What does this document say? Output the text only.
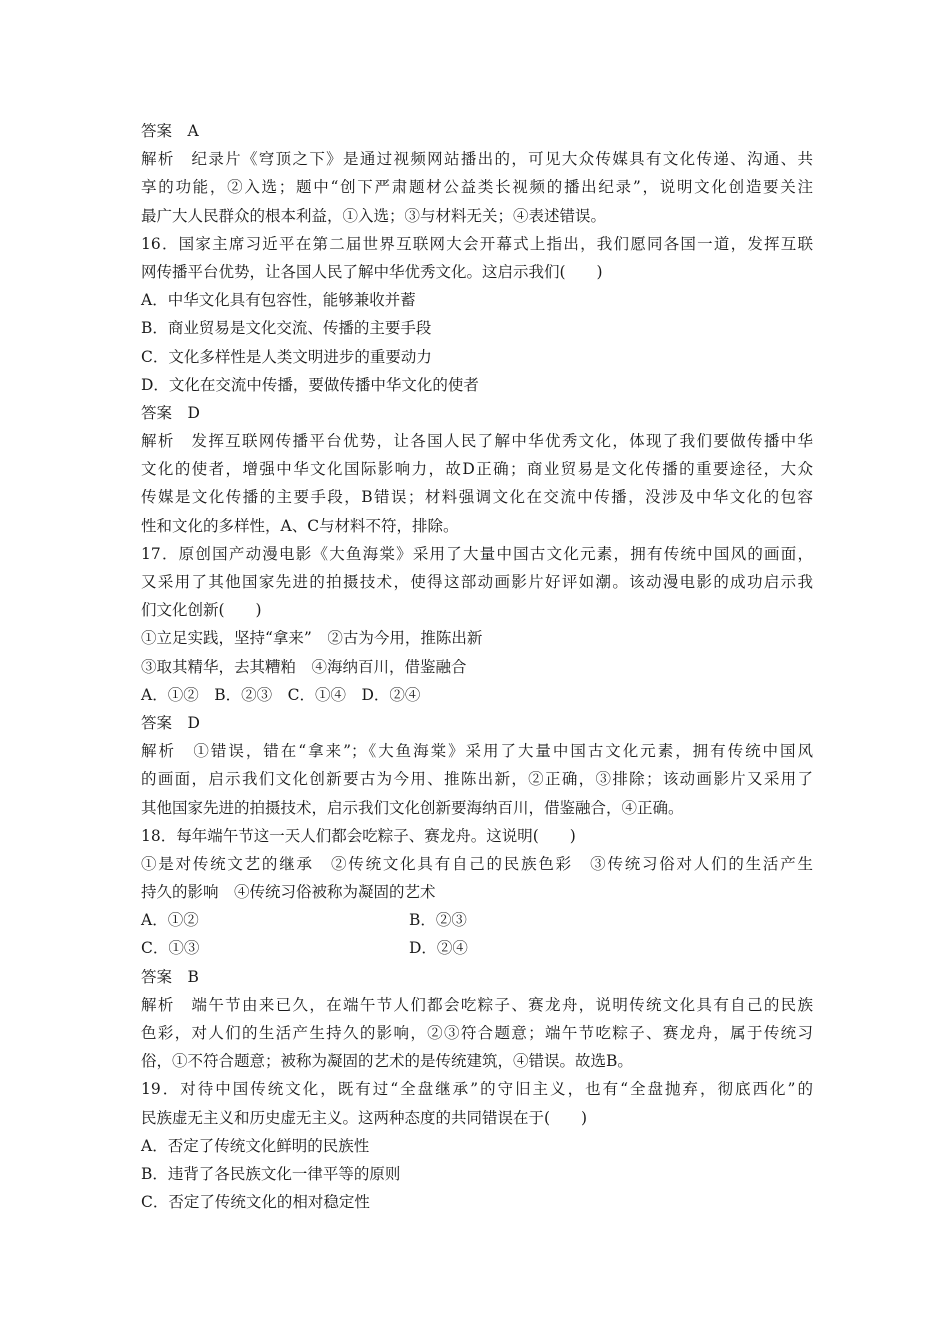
答案　A
解析　纪录片《穹顶之下》是通过视频网站播出的，可见大众传媒具有文化传递、沟通、共
享的功能，②入选；题中“创下严肃题材公益类长视频的播出纪录”，说明文化创造要关注
最广大人民群众的根本利益，①入选；③与材料无关；④表述错误。
16．国家主席习近平在第二届世界互联网大会开幕式上指出，我们愿同各国一道，发挥互联
网传播平台优势，让各国人民了解中华优秀文化。这启示我们(　　)
A．中华文化具有包容性，能够兼收并蓄
B．商业贸易是文化交流、传播的主要手段
C．文化多样性是人类文明进步的重要动力
D．文化在交流中传播，要做传播中华文化的使者
答案　D
解析　发挥互联网传播平台优势，让各国人民了解中华优秀文化，体现了我们要做传播中华
文化的使者，增强中华文化国际影响力，故D正确；商业贸易是文化传播的重要途径，大众
传媒是文化传播的主要手段，B错误；材料强调文化在交流中传播，没涉及中华文化的包容
性和文化的多样性，A、C与材料不符，排除。
17．原创国产动漫电影《大鱼海棠》采用了大量中国古文化元素，拥有传统中国风的画面，
又采用了其他国家先进的拍摄技术，使得这部动画影片好评如潮。该动漫电影的成功启示我
们文化创新(　　)
①立足实践，坚持“拿来”　②古为今用，推陈出新
③取其精华，去其糟粕　④海纳百川，借鉴融合
A．①②　B．②③　C．①④　D．②④
答案　D
解析　①错误，错在“拿来”；《大鱼海棠》采用了大量中国古文化元素，拥有传统中国风
的画面，启示我们文化创新要古为今用、推陈出新，②正确，③排除；该动画影片又采用了
其他国家先进的拍摄技术，启示我们文化创新要海纳百川，借鉴融合，④正确。
18．每年端午节这一天人们都会吃粽子、赛龙舟。这说明(　　)
①是对传统文艺的继承　②传统文化具有自己的民族色彩　③传统习俗对人们的生活产生
持久的影响　④传统习俗被称为凝固的艺术
A．①②	B．②③
C．①③	D．②④
答案　B
解析　端午节由来已久，在端午节人们都会吃粽子、赛龙舟，说明传统文化具有自己的民族
色彩，对人们的生活产生持久的影响，②③符合题意；端午节吃粽子、赛龙舟，属于传统习
俗，①不符合题意；被称为凝固的艺术的是传统建筑，④错误。故选B。
19．对待中国传统文化，既有过“全盘继承”的守旧主义，也有“全盘抛弃，彻底西化”的
民族虚无主义和历史虚无主义。这两种态度的共同错误在于(　　)
A．否定了传统文化鲜明的民族性
B．违背了各民族文化一律平等的原则
C．否定了传统文化的相对稳定性
